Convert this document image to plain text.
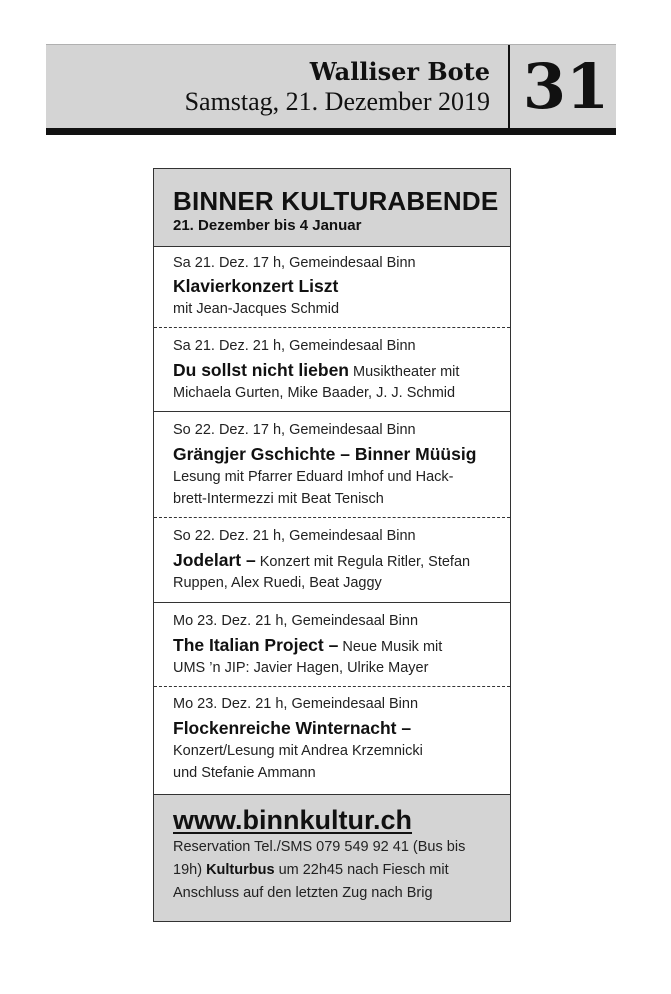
Walliser Bote
Samstag, 21. Dezember 2019 31
BINNER KULTURABENDE
21. Dezember bis 4 Januar
Sa 21. Dez. 17 h, Gemeindesaal Binn
Klavierkonzert Liszt
mit Jean-Jacques Schmid
Sa 21. Dez. 21 h, Gemeindesaal Binn
Du sollst nicht lieben Musiktheater mit
Michaela Gurten, Mike Baader, J. J. Schmid
So 22. Dez. 17 h, Gemeindesaal Binn
Grängjer Gschichte – Binner Müüsig
Lesung mit Pfarrer Eduard Imhof und Hack-
brett-Intermezzi mit Beat Tenisch
So 22. Dez. 21 h, Gemeindesaal Binn
Jodelart – Konzert mit Regula Ritler, Stefan
Ruppen, Alex Ruedi, Beat Jaggy
Mo 23. Dez. 21 h, Gemeindesaal Binn
The Italian Project – Neue Musik mit
UMS ’n JIP: Javier Hagen, Ulrike Mayer
Mo 23. Dez. 21 h, Gemeindesaal Binn
Flockenreiche Winternacht –
Konzert/Lesung mit Andrea Krzemnicki
und Stefanie Ammann
www.binnkultur.ch
Reservation Tel./SMS 079 549 92 41 (Bus bis
19h) Kulturbus um 22h45 nach Fiesch mit
Anschluss auf den letzten Zug nach Brig
